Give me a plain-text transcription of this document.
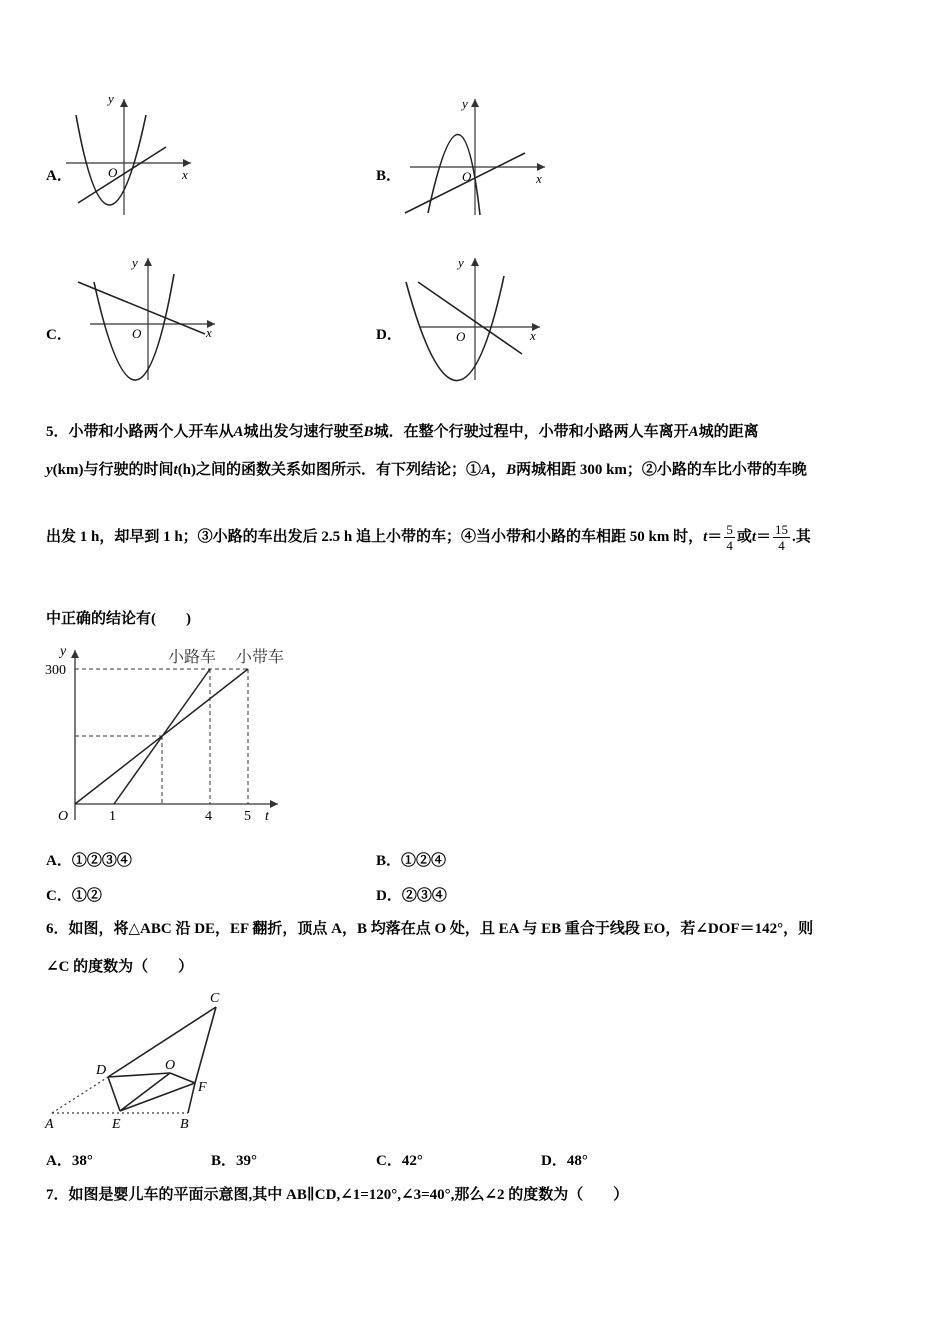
A．
y
x
O	B．
y
x
O
C．
y
x
O	D．
y
x
O
5．小带和小路两个人开车从A城出发匀速行驶至B城．在整个行驶过程中，小带和小路两人车离开A城的距离
y(km)与行驶的时间t(h)之间的函数关系如图所示．有下列结论；①A，B两城相距 300 km；②小路的车比小带的车晚
出发 1 h，却早到 1 h；③小路的车出发后 2.5 h 追上小带的车；④当小带和小路的车相距 50 km 时，$t= \frac{5}{4}$ 或$t= \frac{15}{4}$ .其
中正确的结论有(　　)
y
300
O	1	4 5 t
小路车 小带车
A．①②③④	B．①②④
C．①②	D．②③④
6．如图，将△ABC 沿 DE，EF 翻折，顶点 A，B 均落在点 O 处，且 EA 与 EB 重合于线段 EO，若∠DOF＝142°，则
∠C 的度数为（　　）
A	B
C
D
E
F
O
A．38°	B．39°	C．42°	D．48°
7．如图是婴儿车的平面示意图,其中 AB∥CD,∠1=120°,∠3=40°,那么∠2 的度数为（　　）
